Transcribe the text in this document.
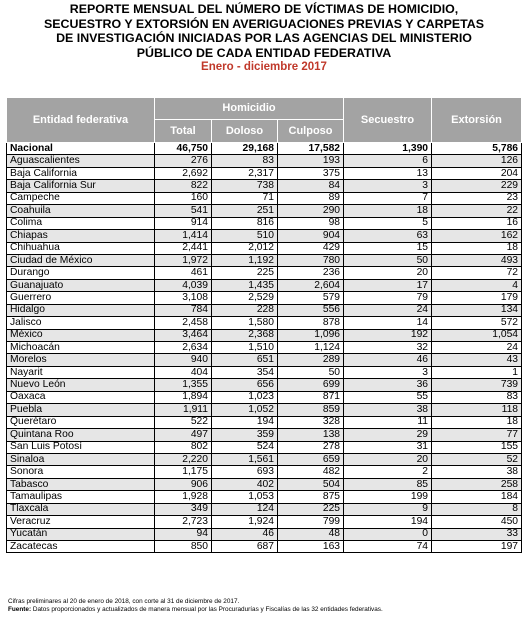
REPORTE MENSUAL DEL NÚMERO DE VÍCTIMAS DE HOMICIDIO,
SECUESTRO Y EXTORSIÓN EN AVERIGUACIONES PREVIAS Y CARPETAS
DE INVESTIGACIÓN INICIADAS POR LAS AGENCIAS DEL MINISTERIO
PÚBLICO DE CADA ENTIDAD FEDERATIVA
Enero - diciembre 2017
Entidad federativa	Homicidio			Secuestro	Extorsión
	Total	Doloso	Culposo		
Nacional	46,750	29,168	17,582	1,390	5,786
Aguascalientes	276	83	193	6	126
Baja California	2,692	2,317	375	13	204
Baja California Sur	822	738	84	3	229
Campeche	160	71	89	7	23
Coahuila	541	251	290	18	22
Colima	914	816	98	5	16
Chiapas	1,414	510	904	63	162
Chihuahua	2,441	2,012	429	15	18
Ciudad de México	1,972	1,192	780	50	493
Durango	461	225	236	20	72
Guanajuato	4,039	1,435	2,604	17	4
Guerrero	3,108	2,529	579	79	179
Hidalgo	784	228	556	24	134
Jalisco	2,458	1,580	878	14	572
México	3,464	2,368	1,096	192	1,054
Michoacán	2,634	1,510	1,124	32	24
Morelos	940	651	289	46	43
Nayarit	404	354	50	3	1
Nuevo León	1,355	656	699	36	739
Oaxaca	1,894	1,023	871	55	83
Puebla	1,911	1,052	859	38	118
Querétaro	522	194	328	11	18
Quintana Roo	497	359	138	29	77
San Luis Potosí	802	524	278	31	155
Sinaloa	2,220	1,561	659	20	52
Sonora	1,175	693	482	2	38
Tabasco	906	402	504	85	258
Tamaulipas	1,928	1,053	875	199	184
Tlaxcala	349	124	225	9	8
Veracruz	2,723	1,924	799	194	450
Yucatán	94	46	48	0	33
Zacatecas	850	687	163	74	197
Cifras preliminares al 20 de enero de 2018, con corte al 31 de diciembre de 2017.
Fuente: Datos proporcionados y actualizados de manera mensual por las Procuradurías y Fiscalías de las 32 entidades federativas.
